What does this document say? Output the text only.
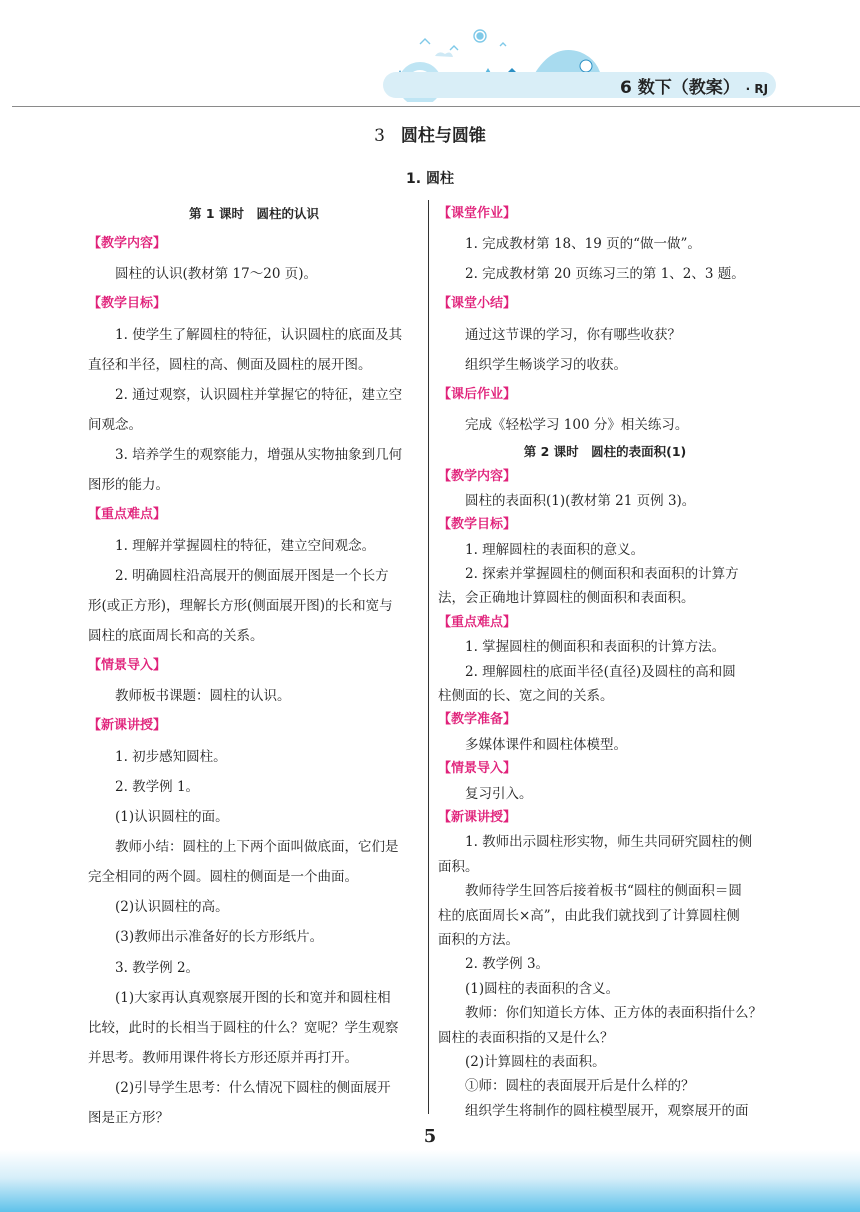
6 数下（教案） · RJ
3 圆柱与圆锥
1. 圆柱
第 1 课时　圆柱的认识
【教学内容】
圆柱的认识(教材第 17～20 页)。
【教学目标】
1. 使学生了解圆柱的特征，认识圆柱的底面及其
直径和半径，圆柱的高、侧面及圆柱的展开图。
2. 通过观察，认识圆柱并掌握它的特征，建立空
间观念。
3. 培养学生的观察能力，增强从实物抽象到几何
图形的能力。
【重点难点】
1. 理解并掌握圆柱的特征，建立空间观念。
2. 明确圆柱沿高展开的侧面展开图是一个长方
形(或正方形)，理解长方形(侧面展开图)的长和宽与
圆柱的底面周长和高的关系。
【情景导入】
教师板书课题：圆柱的认识。
【新课讲授】
1. 初步感知圆柱。
2. 教学例 1。
(1)认识圆柱的面。
教师小结：圆柱的上下两个面叫做底面，它们是
完全相同的两个圆。圆柱的侧面是一个曲面。
(2)认识圆柱的高。
(3)教师出示准备好的长方形纸片。
3. 教学例 2。
(1)大家再认真观察展开图的长和宽并和圆柱相
比较，此时的长相当于圆柱的什么？宽呢？学生观察
并思考。教师用课件将长方形还原并再打开。
(2)引导学生思考：什么情况下圆柱的侧面展开
图是正方形？
【课堂作业】
1. 完成教材第 18、19 页的“做一做”。
2. 完成教材第 20 页练习三的第 1、2、3 题。
【课堂小结】
通过这节课的学习，你有哪些收获？
组织学生畅谈学习的收获。
【课后作业】
完成《轻松学习 100 分》相关练习。
第 2 课时　圆柱的表面积(1)
【教学内容】
圆柱的表面积(1)(教材第 21 页例 3)。
【教学目标】
1. 理解圆柱的表面积的意义。
2. 探索并掌握圆柱的侧面积和表面积的计算方
法，会正确地计算圆柱的侧面积和表面积。
【重点难点】
1. 掌握圆柱的侧面积和表面积的计算方法。
2. 理解圆柱的底面半径(直径)及圆柱的高和圆
柱侧面的长、宽之间的关系。
【教学准备】
多媒体课件和圆柱体模型。
【情景导入】
复习引入。
【新课讲授】
1. 教师出示圆柱形实物，师生共同研究圆柱的侧
面积。
教师待学生回答后接着板书“圆柱的侧面积＝圆
柱的底面周长×高”，由此我们就找到了计算圆柱侧
面积的方法。
2. 教学例 3。
(1)圆柱的表面积的含义。
教师：你们知道长方体、正方体的表面积指什么？
圆柱的表面积指的又是什么？
(2)计算圆柱的表面积。
①师：圆柱的表面展开后是什么样的？
组织学生将制作的圆柱模型展开，观察展开的面
5
